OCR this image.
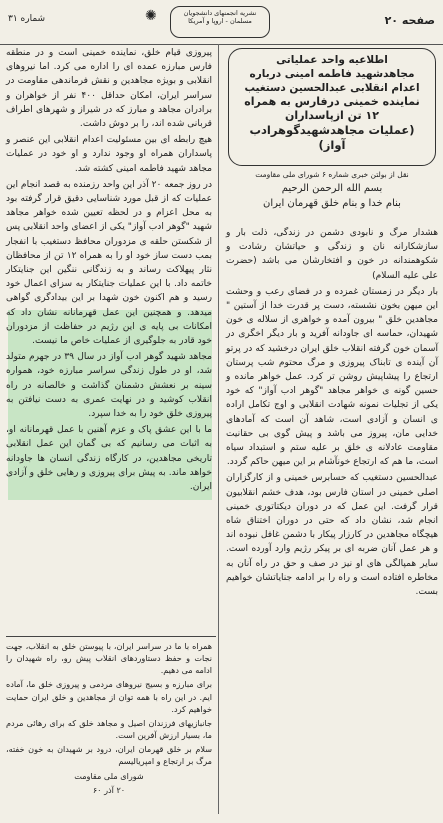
صفحه ۲۰
✺	نشریه انجمنهای دانشجویان
مسلمان - اروپا و آمریکا
شماره ۳۱
اطلاعیه واحد عملیاتی
مجاهدشهید فاطمه امینی درباره
اعدام انقلابی عبدالحسین دستغیب
نماینده خمینی درفارس به همراه
۱۲ تن ازپاسداران
(عملیات مجاهدشهیدگوهرادب آواز)
نقل از بولتن خبری شماره ۶ شورای ملی مقاومت
بسم الله الرحمن الرحیم
بنام خدا و بنام خلق قهرمان ایران

هشدار مرگ و نابودی دشمن در زندگی، ذلت بار و سازشکارانه نان و زندگی و حیاتشان رشادت و شکوهمندانه در خون و افتخارشان می باشد (حضرت علی علیه السلام)

بار دیگر در زمستان غمزده و در فضای رعب و وحشت این میهن بخون نشسته، دست پر قدرت خدا از آستین " مجاهدین خلق " بیرون آمده و خواهری از سلاله ی خون شهیدان، حماسه ای جاودانه آفرید و بار دیگر اخگری در آسمان خون گرفته انقلاب خلق ایران درخشید که در پرتو آن آینده ی تابناک پیروزی و مرگ محتوم شب پرستان ارتجاع را پیشاپیش روشن تر کرد. عمل خواهر مانده و حسین گونه ی خواهر مجاهد "گوهر ادب آواز" که خود یکی از تجلیات نمونه شهادت انقلابی و اوج تکامل اراده ی انسان و آزادی است، شاهد آن است که آمادهای خدایی مان، پیروز می باشد و پیش گوی بی حقانیت مقاومت عادلانه ی خلق بر علیه ستم و استبداد سیاه است، ما هم که ارتجاع خونآشام بر این میهن حاکم گردد.

عبدالحسین دستغیب که حسابرس خمینی و از کارگزاران اصلی خمینی در استان فارس بود، هدف خشم انقلابیون قرار گرفت. این عمل که در دوران دیکتاتوری خمینی انجام شد، نشان داد که حتی در دوران اختناق شاه هیچگاه مجاهدین در کارزار پیکار با دشمن غافل نبوده اند و هر عمل آنان ضربه ای بر پیکر رژیم وارد آورده است. سایر همپالگی های او نیز در صف و حق در راه آنان به مخاطره افتاده است و راه را بر ادامه جنایاتشان خواهیم بست.

پیروزی قیام خلق، نماینده خمینی است و در منطقه فارس مبارزه عمده ای را اداره می کرد. اما نیروهای انقلابی و بویژه مجاهدین و نقش فرماندهی مقاومت در سراسر ایران، امکان حداقل ۴۰۰ نفر از خواهران و برادران مجاهد و مبارز که در شیراز و شهرهای اطراف قربانی شده اند، را بر دوش داشت.

هیچ رابطه ای بین مسئولیت اعدام انقلابی این عنصر و پاسداران همراه او وجود ندارد و او خود در عملیات مجاهد شهید فاطمه امینی کشته شد.

در روز جمعه ۲۰ آذر این واحد رزمنده به قصد انجام این عملیات که از قبل مورد شناسایی دقیق قرار گرفته بود به محل اعزام و در لحظه تعیین شده خواهر مجاهد شهید "گوهر ادب آواز" یکی از اعضای واحد انقلابی پس از شکستن حلقه ی مزدوران محافظ دستغیب با انفجار بمب دست ساز خود او را به همراه ۱۲ تن از محافظان نثار پیهلاکت رساند و به زندگانی ننگین این جنایتکار خاتمه داد. با این عملیات جنایتکار به سزای اعمال خود رسید و هم اکنون خون شهدا بر این بیدادگری گواهی میدهد. و همچنین این عمل قهرمانانه نشان داد که امکانات بی پایه ی این رژیم در حفاظت از مزدوران خود قادر به جلوگیری از عملیات خاص ما نیست.

مجاهد شهید گوهر ادب آواز در سال ۳۹ در جهرم متولد شد، او در طول زندگی سراسر مبارزه خود، همواره سینه بر نعشش دشمنان گذاشت و خالصانه در راه انقلاب کوشید و در نهایت عمری به دست نیافتن به پیروزی خلق خود را به خدا سپرد.

ما با این عشق پاک و عزم آهنین با عمل قهرمانانه او، به اثبات می رسانیم که بی گمان این عمل انقلابی تاریخی مجاهدین، در کارگاه زندگی انسان ها جاودانه خواهد ماند. به پیش برای پیروزی و رهایی خلق و آزادی ایران.

همراه با ما در سراسر ایران، با پیوستن خلق به انقلاب، جهت نجات و حفظ دستاوردهای انقلاب پیش رو، راه شهیدان را ادامه می دهیم.

برای مبارزه و بسیج نیروهای مردمی و پیروزی خلق ما، آماده ایم. در این راه با همه توان از مجاهدین و خلق ایران حمایت خواهیم کرد.

جانبازیهای فرزندان اصیل و مجاهد خلق که برای رهائی مردم ما، بسیار ارزش آفرین است.

سلام بر خلق قهرمان ایران، درود بر شهیدان به خون خفته، مرگ بر ارتجاع و امپریالیسم

شورای ملی مقاومت

۲۰ آذر ۶۰
